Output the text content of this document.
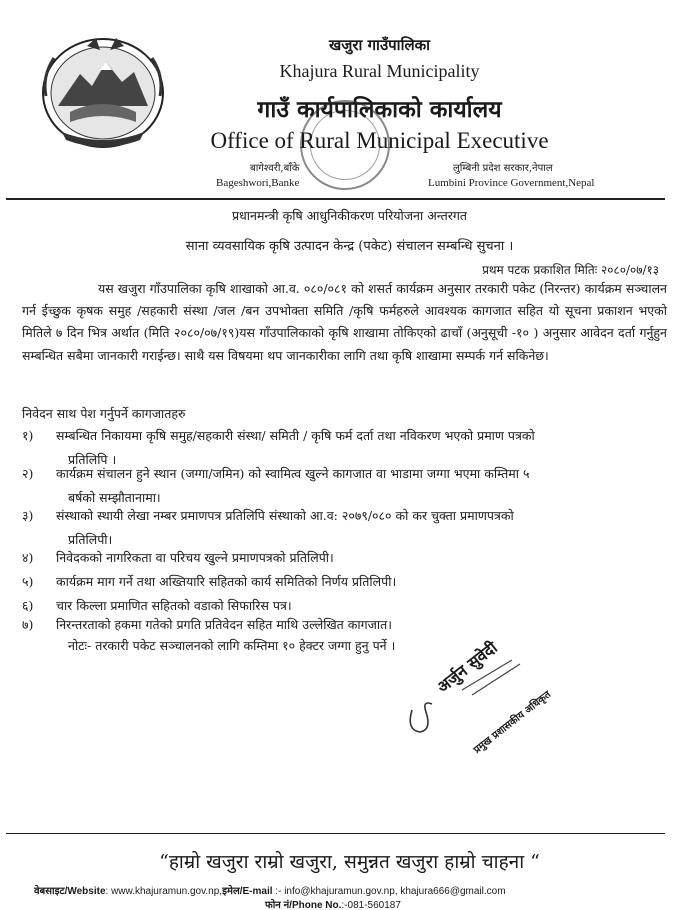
खजुरा गाउँपालिका
Khajura Rural Municipality
गाउँ कार्यपालिकाको कार्यालय
Office of Rural Municipal Executive
बागेश्वरी,बाँके	लुम्बिनी प्रदेश सरकार,नेपाल
Bageshwori,Banke	Lumbini Province Government,Nepal
प्रधानमन्त्री कृषि आधुनिकीकरण परियोजना अन्तरगत
साना व्यवसायिक कृषि उत्पादन केन्द्र (पकेट) संचालन सम्बन्धि सुचना ।
प्रथम पटक प्रकाशित मितिः २०८०/०७/१३
यस खजुरा गाँउपालिका कृषि शाखाको आ.व. ०८०/०८१ को शसर्त कार्यक्रम अनुसार तरकारी पकेट (निरन्तर) कार्यक्रम सञ्चालन गर्न ईच्छुक कृषक समुह /सहकारी संस्था /जल /बन उपभोक्ता समिति /कृषि फर्महरुले आवश्यक कागजात सहित यो सूचना प्रकाशन भएको मितिले ७ दिन भित्र अर्थात (मिति २०८०/०७/१९)यस गाँउपालिकाको कृषि शाखामा तोकिएको ढाचाँ (अनुसूची -१० ) अनुसार आवेदन दर्ता गर्नुहुन सम्बन्धित सबैमा जानकारी गराईन्छ। साथै यस विषयमा थप जानकारीका लागि तथा कृषि शाखामा सम्पर्क गर्न सकिनेछ।
निवेदन साथ पेश गर्नुपर्ने कागजातहरु
१) सम्बन्धित निकायमा कृषि समुह/सहकारी संस्था/ समिती / कृषि फर्म दर्ता तथा नविकरण भएको प्रमाण पत्रको
प्रतिलिपि ।
२) कार्यक्रम संचालन हुने स्थान (जग्गा/जमिन) को स्वामित्व खुल्ने कागजात वा भाडामा जग्गा भएमा कम्तिमा ५
बर्षको सम्झौतानामा।
३) संस्थाको स्थायी लेखा नम्बर प्रमाणपत्र प्रतिलिपि संस्थाको आ.व: २०७९/०८० को कर चुक्ता प्रमाणपत्रको
प्रतिलिपी।
४) निवेदकको नागरिकता वा परिचय खुल्ने प्रमाणपत्रको प्रतिलिपी।
५) कार्यक्रम माग गर्ने तथा अख्तियारि सहितको कार्य समितिको निर्णय प्रतिलिपी।
६) चार किल्ला प्रमाणित सहितको वडाको सिफारिस पत्र।
७) निरन्तरताको हकमा गतेको प्रगति प्रतिवेदन सहित माथि उल्लेखित कागजात।
नोटः- तरकारी पकेट सञ्चालनको लागि कम्तिमा १० हेक्टर जग्गा हुनु पर्ने । अर्जुन सुवेदी
प्रमुख प्रशासकीय अधिकृत
“हाम्रो खजुरा राम्रो खजुरा, समुन्नत खजुरा हाम्रो चाहना “
वेबसाइट/Website: www.khajuramun.gov.np,इमेल/E-mail :- info@khajuramun.gov.np, khajura666@gmail.com
फोन नं/Phone No.:-081-560187
